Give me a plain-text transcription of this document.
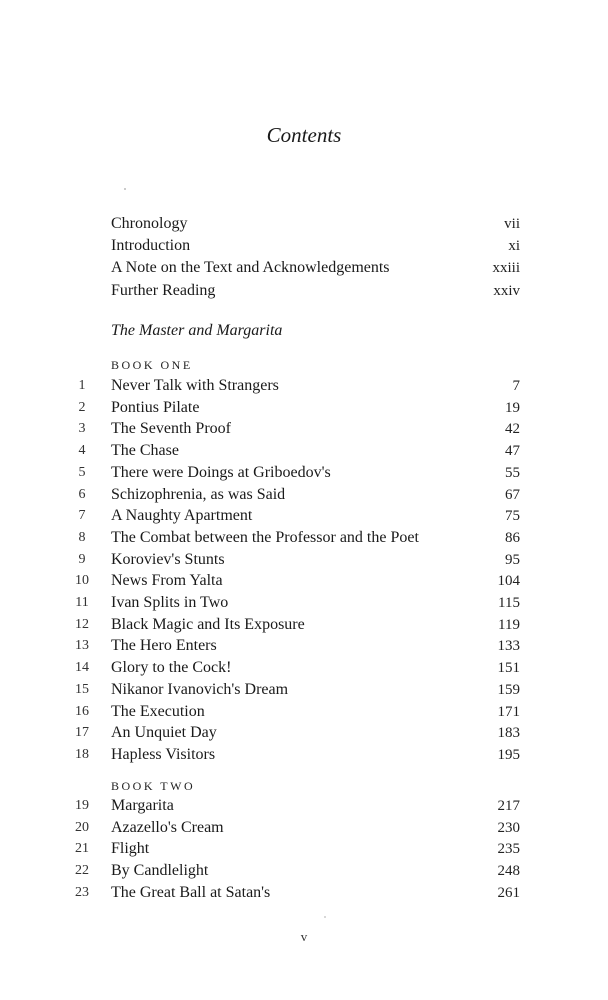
Contents
Chronology	vii
Introduction	xi
A Note on the Text and Acknowledgements	xxiii
Further Reading	xxiv
The Master and Margarita
BOOK ONE
1	Never Talk with Strangers	7
2	Pontius Pilate	19
3	The Seventh Proof	42
4	The Chase	47
5	There were Doings at Griboedov's	55
6	Schizophrenia, as was Said	67
7	A Naughty Apartment	75
8	The Combat between the Professor and the Poet	86
9	Koroviev's Stunts	95
10	News From Yalta	104
11	Ivan Splits in Two	115
12	Black Magic and Its Exposure	119
13	The Hero Enters	133
14	Glory to the Cock!	151
15	Nikanor Ivanovich's Dream	159
16	The Execution	171
17	An Unquiet Day	183
18	Hapless Visitors	195
BOOK TWO
19	Margarita	217
20	Azazello's Cream	230
21	Flight	235
22	By Candlelight	248
23	The Great Ball at Satan's	261
v
